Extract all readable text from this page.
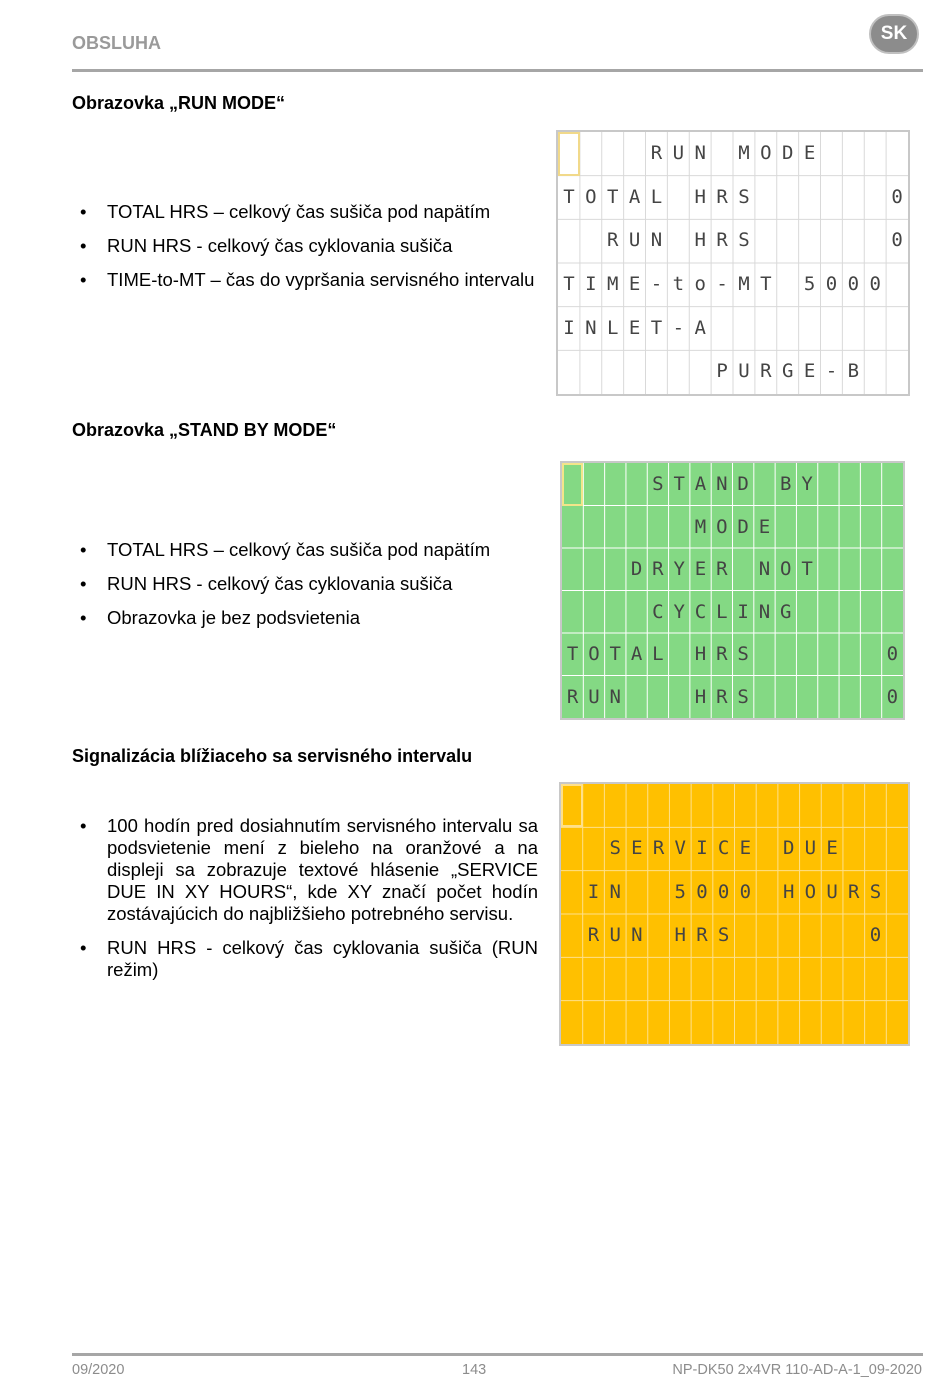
OBSLUHA	SK
Obrazovka „RUN MODE“
• TOTAL HRS – celkový čas sušiča pod napätím
• RUN HRS - celkový čas cyklovania sušiča
• TIME-to-MT – čas do vypršania servisného intervalu
R U N M O D E
T O T A L H R S	0
R U N H R S	0
T I M E - t o - M T 5 0 0 0
I N L E T - A
P U R G E - B
Obrazovka „STAND BY MODE“
• TOTAL HRS – celkový čas sušiča pod napätím
• RUN HRS - celkový čas cyklovania sušiča
• Obrazovka je bez podsvietenia
S T A N D B Y
M O D E
D R Y E R N O T
C Y C L I N G
T O T A L H R S	0
R U N	H R S	0
Signalizácia blížiaceho sa servisného intervalu
• 100 hodín pred dosiahnutím servisného intervalu sa podsvietenie mení z bieleho na oranžové a na displeji sa zobrazuje textové hlásenie „SERVICE DUE IN XY HOURS“, kde XY značí počet hodín zostávajúcich do najbližšieho potrebného servisu.
• RUN HRS - celkový čas cyklovania sušiča (RUN režim)

S E R V I C E D U E
I N	5 0 0 0 H O U R S
R U N H R S	0

09/2020	143	NP-DK50 2x4VR 110-AD-A-1_09-2020
